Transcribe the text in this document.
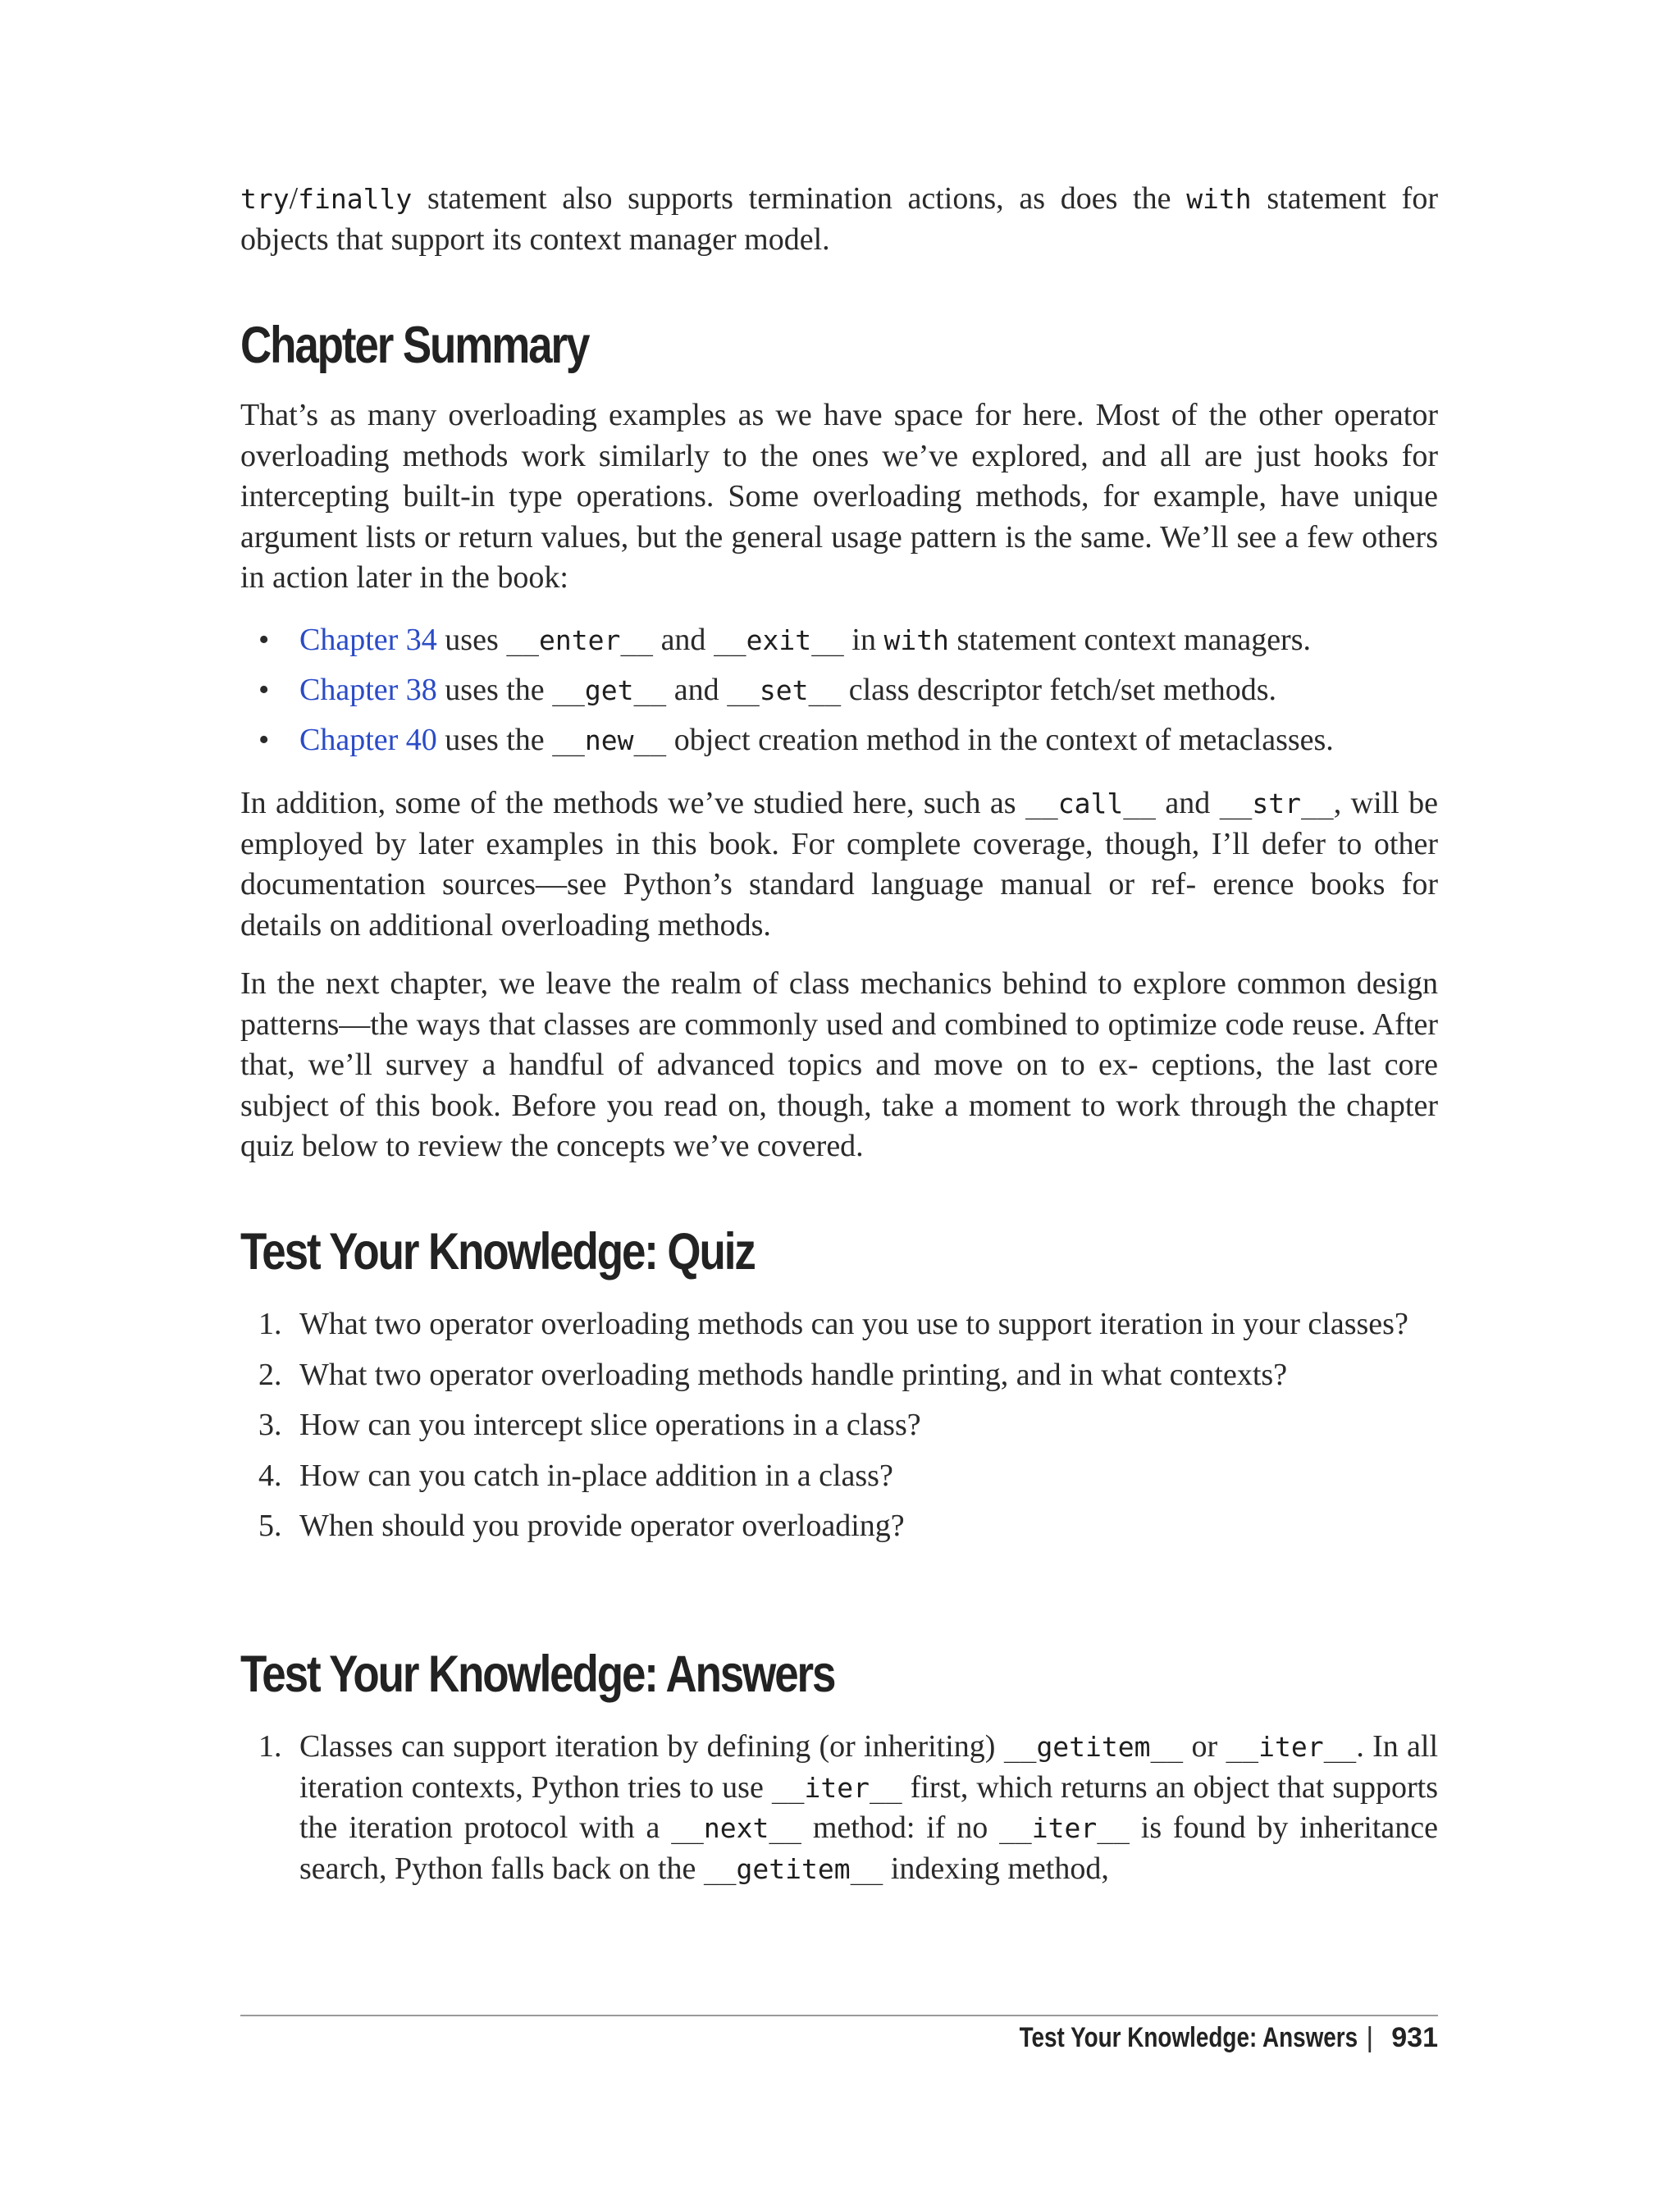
try/finally statement also supports termination actions, as does the with statement for objects that support its context manager model.

Chapter Summary

That’s as many overloading examples as we have space for here. Most of the other operator overloading methods work similarly to the ones we’ve explored, and all are just hooks for intercepting built-in type operations. Some overloading methods, for example, have unique argument lists or return values, but the general usage pattern is the same. We’ll see a few others in action later in the book:

• Chapter 34 uses __enter__ and __exit__ in with statement context managers.
• Chapter 38 uses the __get__ and __set__ class descriptor fetch/set methods.
• Chapter 40 uses the __new__ object creation method in the context of metaclasses.

In addition, some of the methods we’ve studied here, such as __call__ and __str__, will be employed by later examples in this book. For complete coverage, though, I’ll defer to other documentation sources—see Python’s standard language manual or ref‐ erence books for details on additional overloading methods.

In the next chapter, we leave the realm of class mechanics behind to explore common design patterns—the ways that classes are commonly used and combined to optimize code reuse. After that, we’ll survey a handful of advanced topics and move on to ex‐ ceptions, the last core subject of this book. Before you read on, though, take a moment to work through the chapter quiz below to review the concepts we’ve covered.

Test Your Knowledge: Quiz
1. What two operator overloading methods can you use to support iteration in your classes?
2. What two operator overloading methods handle printing, and in what contexts?
3. How can you intercept slice operations in a class?
4. How can you catch in-place addition in a class?
5. When should you provide operator overloading?
Test Your Knowledge: Answers
1. Classes can support iteration by defining (or inheriting) __getitem__ or __iter__. In all iteration contexts, Python tries to use __iter__ first, which returns an object that supports the iteration protocol with a __next__ method: if no __iter__ is found by inheritance search, Python falls back on the __getitem__ indexing method,
Test Your Knowledge: Answers | 931
